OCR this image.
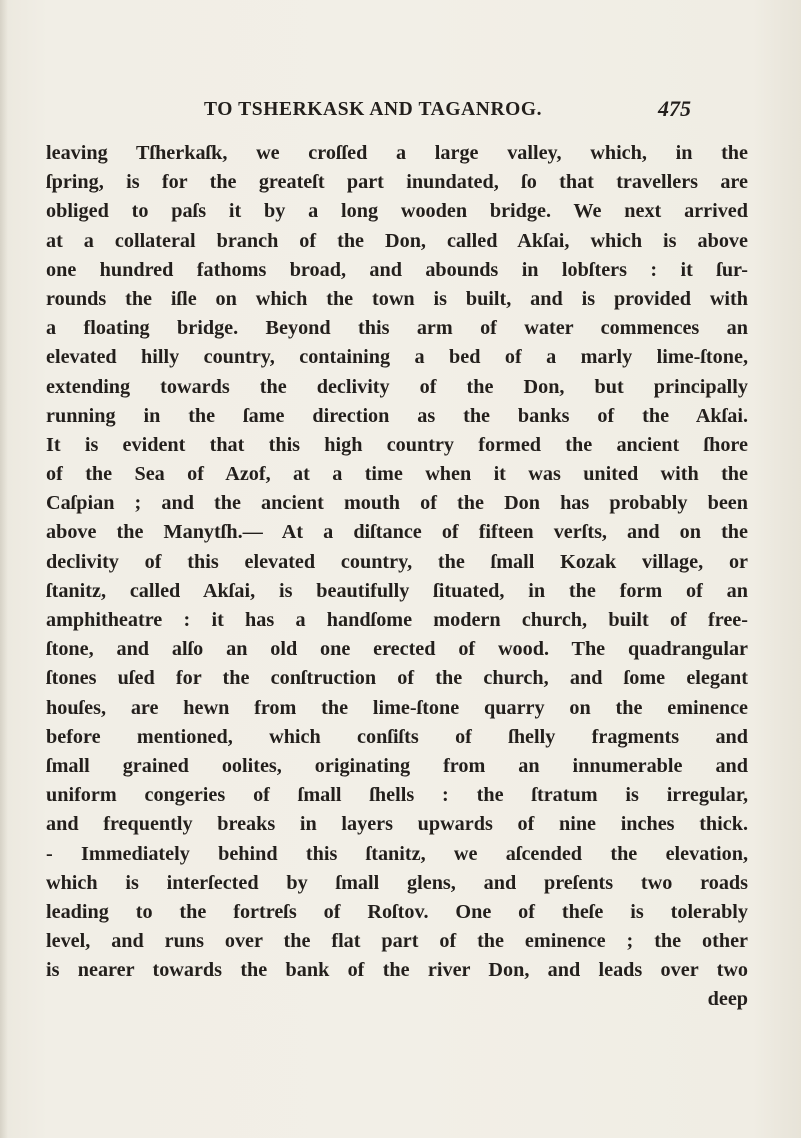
TO TSHERKASK AND TAGANROG.	475
leaving Tſherkaſk, we croſſed a large valley, which, in the
ſpring, is for the greateſt part inundated, ſo that travellers are
obliged to paſs it by a long wooden bridge. We next arrived
at a collateral branch of the Don, called Akſai, which is above
one hundred fathoms broad, and abounds in lobſters : it ſur-
rounds the iſle on which the town is built, and is provided with
a floating bridge. Beyond this arm of water commences an
elevated hilly country, containing a bed of a marly lime-ſtone,
extending towards the declivity of the Don, but principally
running in the ſame direction as the banks of the Akſai.
It is evident that this high country formed the ancient ſhore
of the Sea of Azof, at a time when it was united with the
Caſpian ; and the ancient mouth of the Don has probably been
above the Manytſh.— At a diſtance of fifteen verſts, and on the
declivity of this elevated country, the ſmall Kozak village, or
ſtanitz, called Akſai, is beautifully ſituated, in the form of an
amphitheatre : it has a handſome modern church, built of free-
ſtone, and alſo an old one erected of wood. The quadrangular
ſtones uſed for the conſtruction of the church, and ſome elegant
houſes, are hewn from the lime-ſtone quarry on the eminence
before mentioned, which conſiſts of ſhelly fragments and
ſmall grained oolites, originating from an innumerable and
uniform congeries of ſmall ſhells : the ſtratum is irregular,
and frequently breaks in layers upwards of nine inches thick.
- Immediately behind this ſtanitz, we aſcended the elevation,
which is interſected by ſmall glens, and preſents two roads
leading to the fortreſs of Roſtov. One of theſe is tolerably
level, and runs over the flat part of the eminence ; the other
is nearer towards the bank of the river Don, and leads over two
deep
